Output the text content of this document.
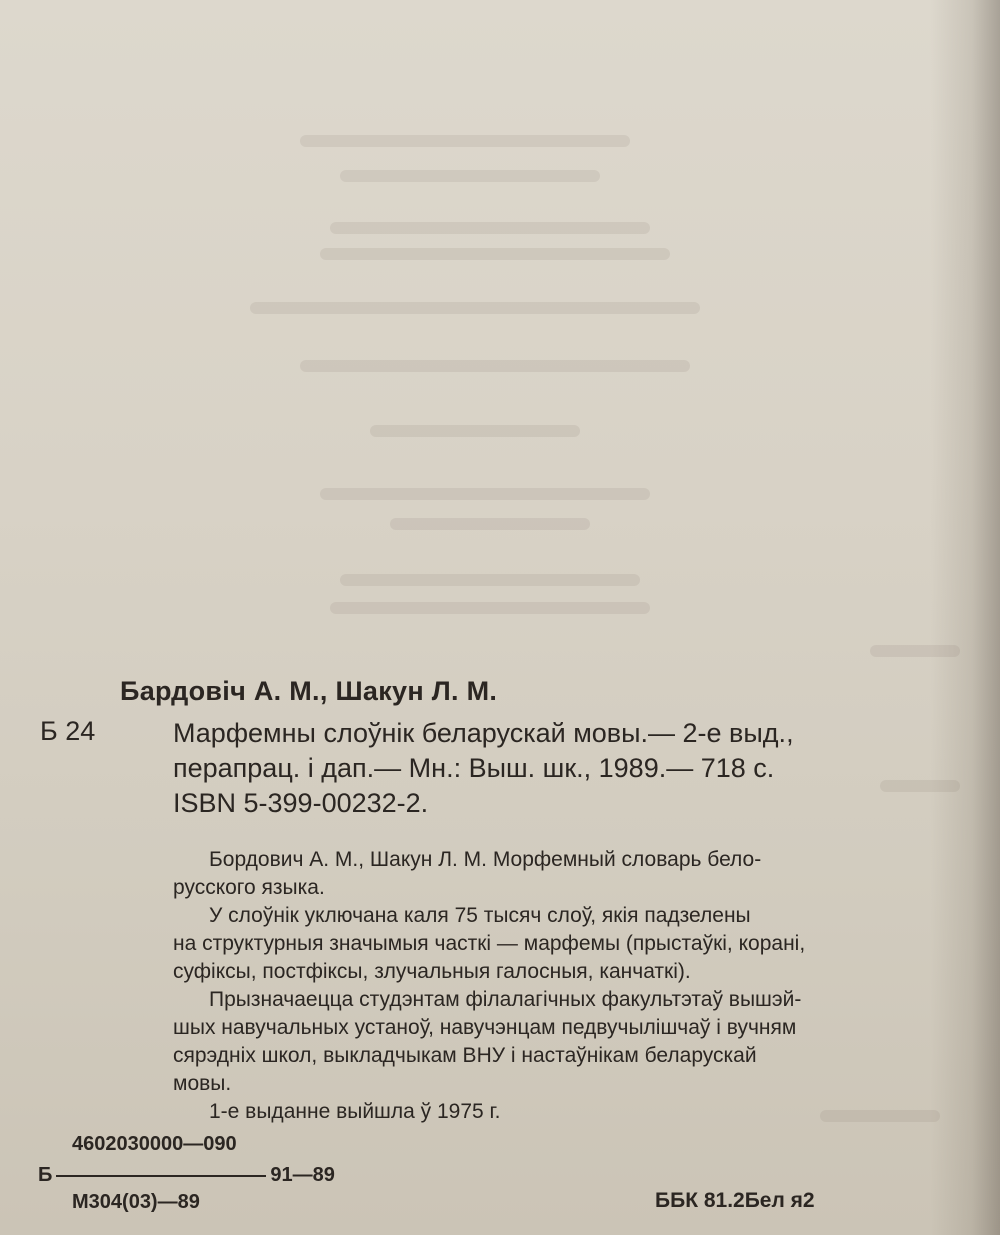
Бардовіч А. М., Шакун Л. М.
Б 24	Марфемны слоўнік беларускай мовы.— 2-е выд.,
перапрац. і дап.— Мн.: Выш. шк., 1989.— 718 с.
ISBN 5-399-00232-2.

Бордович А. М., Шакун Л. М. Морфемный словарь бело-

русского языка.

У слоўнік уключана каля 75 тысяч слоў, якія падзелены

на структурныя значымыя часткі — марфемы (прыстаўкі, корані,

суфіксы, постфіксы, злучальныя галосныя, канчаткі).

Прызначаецца студэнтам філалагічных факультэтаў вышэй-

шых навучальных устаноў, навучэнцам педвучылішчаў і вучням

сярэдніх школ, выкладчыкам ВНУ і настаўнікам беларускай

мовы.

1-е выданне выйшла ў 1975 г.

4602030000—090
Б	91—89
М304(03)—89	ББК 81.2Бел я2
